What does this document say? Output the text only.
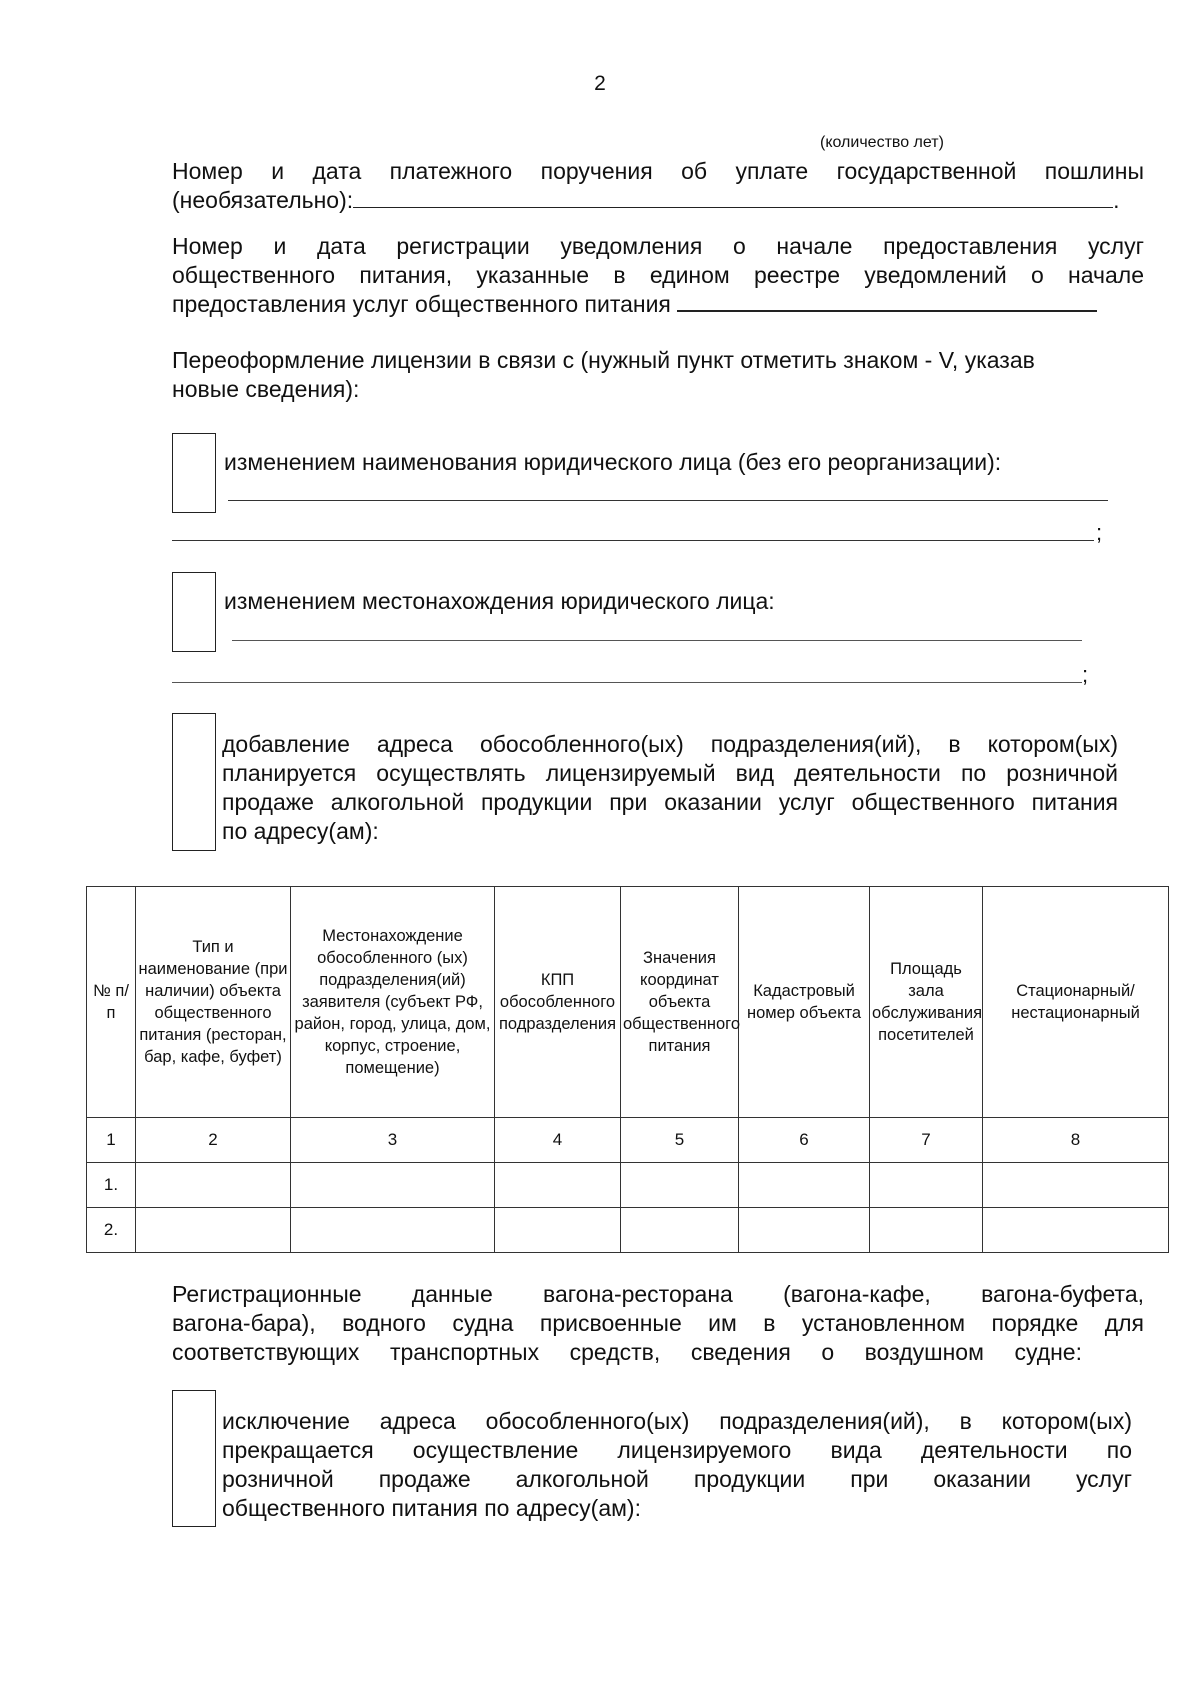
2
(количество лет)
Номер и дата платежного поручения об уплате государственной пошлины
(необязательно):	.
Номер и дата регистрации уведомления о начале предоставления услуг
общественного питания, указанные в едином реестре уведомлений о начале
предоставления услуг общественного питания
Переоформление лицензии в связи с (нужный пункт отметить знаком - V, указав
новые сведения):
изменением наименования юридического лица (без его реорганизации):
;
изменением местонахождения юридического лица:
;
добавление адреса обособленного(ых) подразделения(ий), в котором(ых)
планируется осуществлять лицензируемый вид деятельности по розничной
продаже алкогольной продукции при оказании услуг общественного питания
по адресу(ам):
№ п/п	Тип и наименование (при наличии) объекта общественного питания (ресторан, бар, кафе, буфет)	Местонахождение обособленного (ых) подразделения(ий) заявителя (субъект РФ, район, город, улица, дом, корпус, строение, помещение)	КПП обособленного подразделения	Значения координат объекта общественного питания	Кадастровый номер объекта	Площадь зала обслуживания посетителей	Стационарный/ нестационарный
1	2	3	4	5	6	7	8
1.							
2.							
Регистрационные данные вагона-ресторана (вагона-кафе, вагона-буфета,
вагона-бара), водного судна присвоенные им в установленном порядке для
соответствующих транспортных средств, сведения о воздушном судне:
исключение адреса обособленного(ых) подразделения(ий), в котором(ых)
прекращается осуществление лицензируемого вида деятельности по
розничной продаже алкогольной продукции при оказании услуг
общественного питания по адресу(ам):
